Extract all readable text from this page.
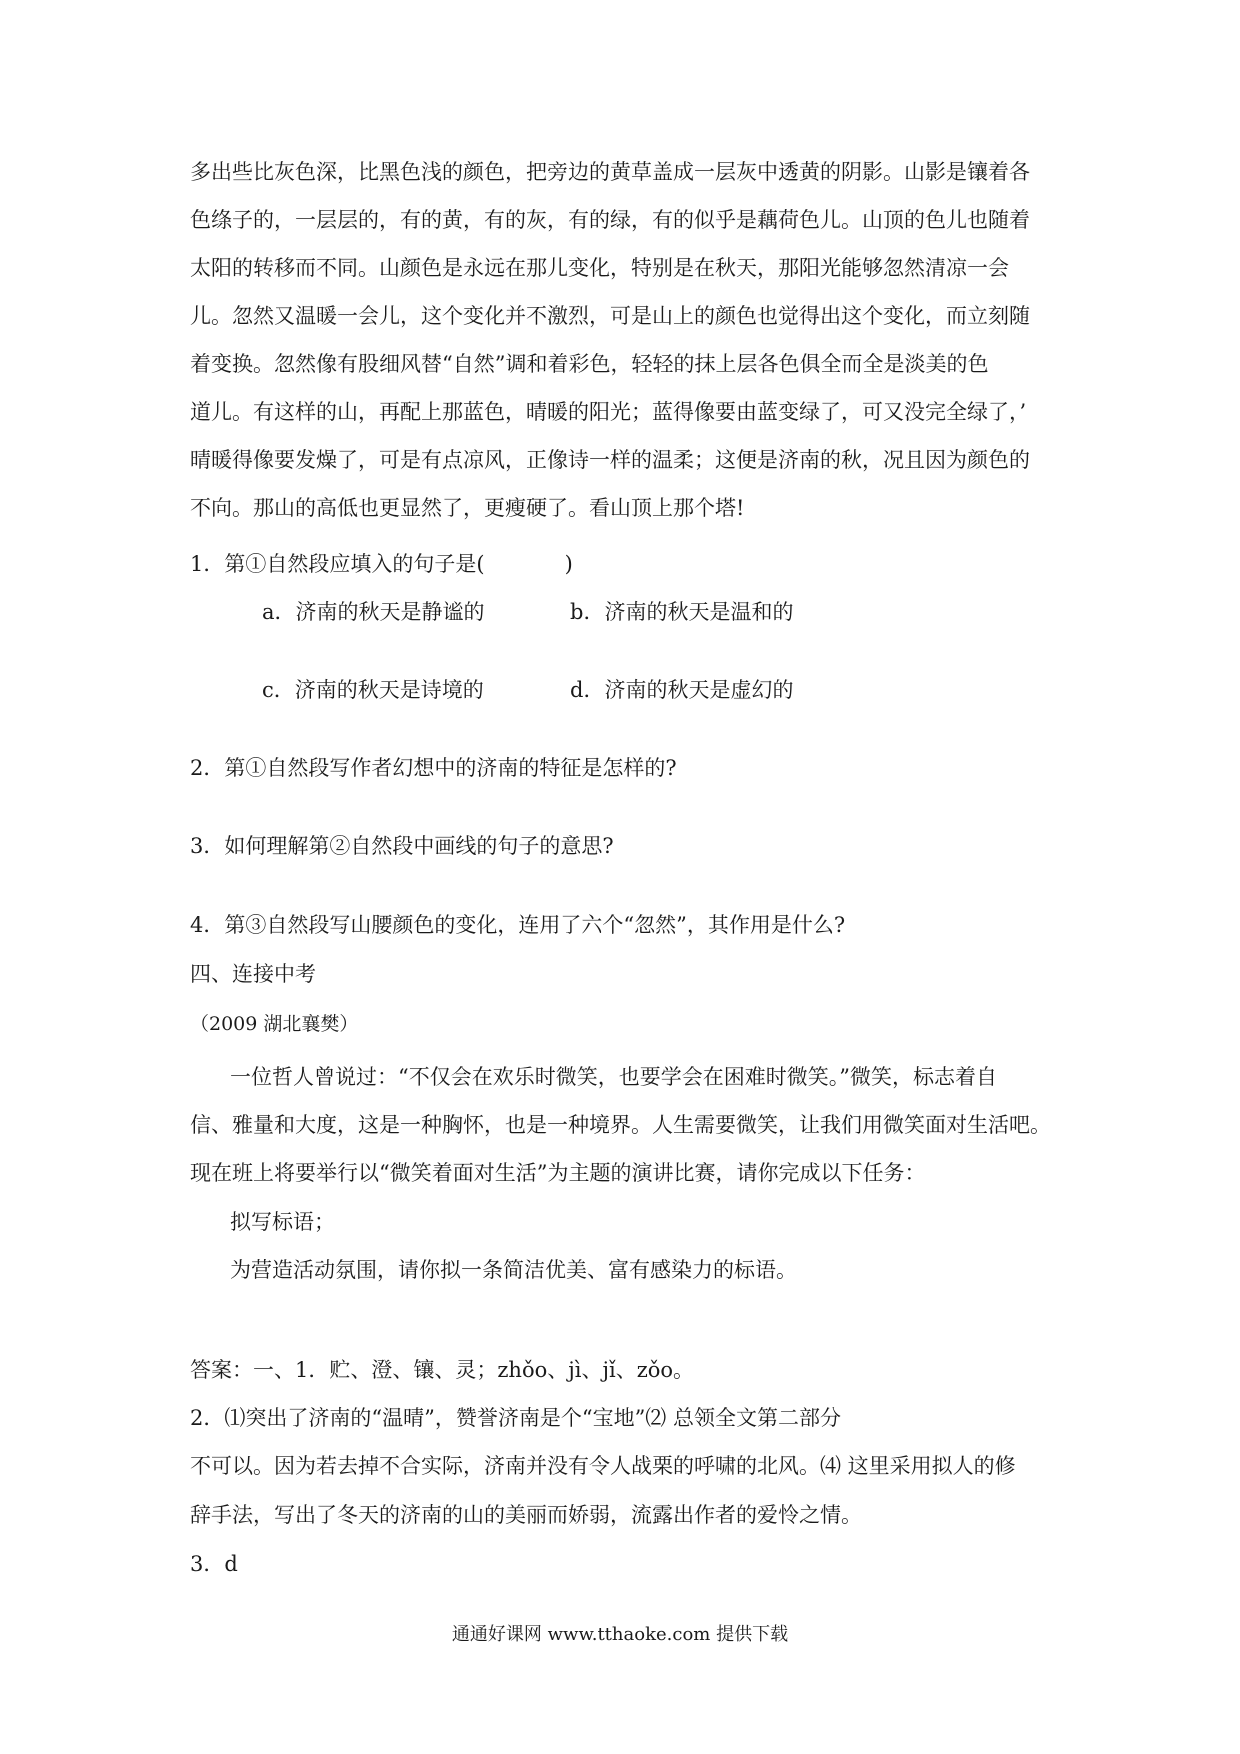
多出些比灰色深，比黑色浅的颜色，把旁边的黄草盖成一层灰中透黄的阴影。山影是镶着各
色绦子的，一层层的，有的黄，有的灰，有的绿，有的似乎是藕荷色儿。山顶的色儿也随着
太阳的转移而不同。山颜色是永远在那儿变化，特别是在秋天，那阳光能够忽然清凉一会
儿。忽然又温暖一会儿，这个变化并不激烈，可是山上的颜色也觉得出这个变化，而立刻随
着变换。忽然像有股细风替“自然”调和着彩色，轻轻的抹上层各色俱全而全是淡美的色
道儿。有这样的山，再配上那蓝色，晴暖的阳光；蓝得像要由蓝变绿了，可又没完全绿了，’
晴暖得像要发燥了，可是有点凉风，正像诗一样的温柔；这便是济南的秋，况且因为颜色的
不向。那山的高低也更显然了，更瘦硬了。看山顶上那个塔!
1．第①自然段应填入的句子是(	)
a．济南的秋天是静谧的	b．济南的秋天是温和的
c．济南的秋天是诗境的	d．济南的秋天是虚幻的
2．第①自然段写作者幻想中的济南的特征是怎样的?
3．如何理解第②自然段中画线的句子的意思?
4．第③自然段写山腰颜色的变化，连用了六个“忽然”，其作用是什么?
四、连接中考
（2009 湖北襄樊）
一位哲人曾说过：“不仅会在欢乐时微笑，也要学会在困难时微笑。”微笑，标志着自
信、雅量和大度，这是一种胸怀，也是一种境界。人生需要微笑，让我们用微笑面对生活吧。
现在班上将要举行以“微笑着面对生活”为主题的演讲比赛，请你完成以下任务：
拟写标语；
为营造活动氛围，请你拟一条简洁优美、富有感染力的标语。
答案：一、1．贮、澄、镶、灵；zhǒo、jì、jǐ、zǒo。
2．⑴突出了济南的“温晴”，赞誉济南是个“宝地”⑵ 总领全文第二部分
不可以。因为若去掉不合实际，济南并没有令人战栗的呼啸的北风。⑷ 这里采用拟人的修
辞手法，写出了冬天的济南的山的美丽而娇弱，流露出作者的爱怜之情。
3．d
通通好课网 www.tthaoke.com 提供下载
